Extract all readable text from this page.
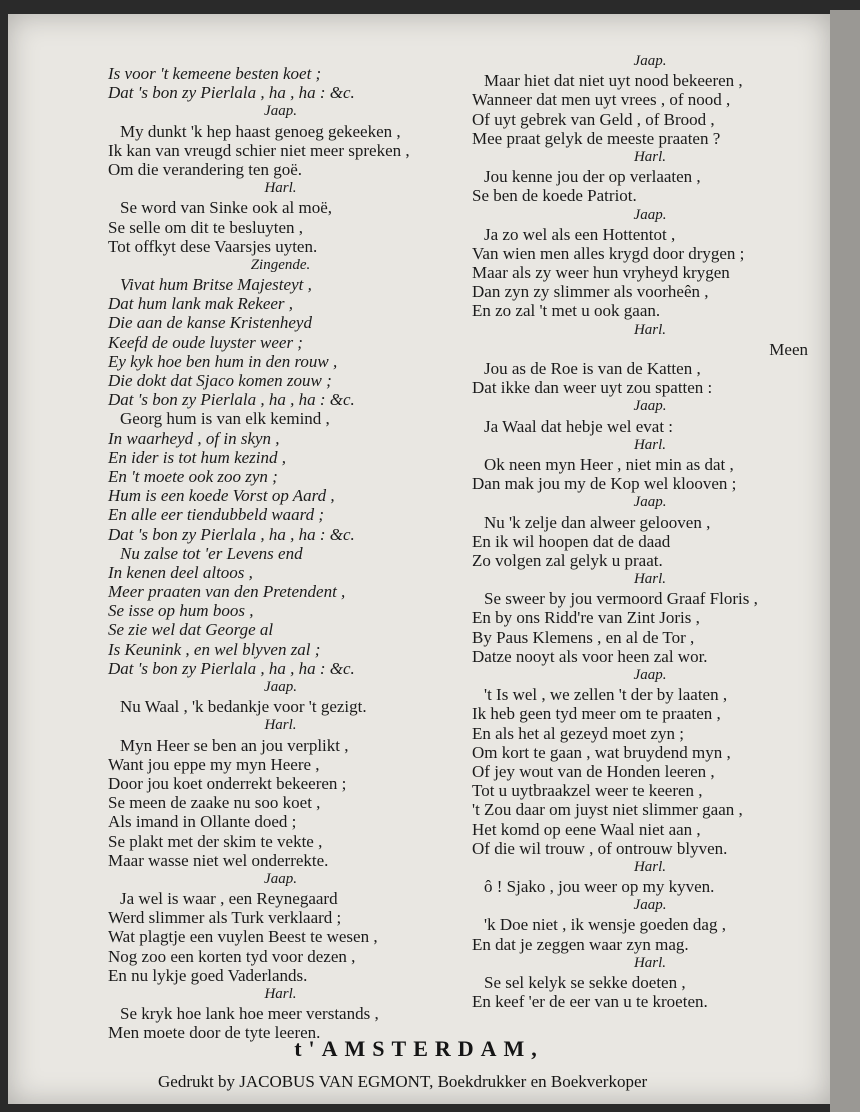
Is voor 't kemeene besten koet ;
Dat 's bon zy Pierlala , ha , ha : &c.
Jaap.
My dunkt 'k hep haast genoeg gekeeken ,
Ik kan van vreugd schier niet meer spreken ,
Om die verandering ten goë.
Harl.
Se word van Sinke ook al moë,
Se selle om dit te besluyten ,
Tot offkyt dese Vaarsjes uyten.
Zingende.
Vivat hum Britse Majesteyt ,
Dat hum lank mak Rekeer ,
Die aan de kanse Kristenheyd
Keefd de oude luyster weer ;
Ey kyk hoe ben hum in den rouw ,
Die dokt dat Sjaco komen zouw ;
Dat 's bon zy Pierlala , ha , ha : &c.
Georg hum is van elk kemind ,
In waarheyd , of in skyn ,
En ider is tot hum kezind ,
En 't moete ook zoo zyn ;
Hum is een koede Vorst op Aard ,
En alle eer tiendubbeld waard ;
Dat 's bon zy Pierlala , ha , ha : &c.
Nu zalse tot 'er Levens end
In kenen deel altoos ,
Meer praaten van den Pretendent ,
Se isse op hum boos ,
Se zie wel dat George al
Is Keunink , en wel blyven zal ;
Dat 's bon zy Pierlala , ha , ha : &c.
Jaap.
Nu Waal , 'k bedankje voor 't gezigt.
Harl.
Myn Heer se ben an jou verplikt ,
Want jou eppe my myn Heere ,
Door jou koet onderrekt bekeeren ;
Se meen de zaake nu soo koet ,
Als imand in Ollante doed ;
Se plakt met der skim te vekte ,
Maar wasse niet wel onderrekte.
Jaap.
Ja wel is waar , een Reynegaard
Werd slimmer als Turk verklaard ;
Wat plagtje een vuylen Beest te wesen ,
Nog zoo een korten tyd voor dezen ,
En nu lykje goed Vaderlands.
Harl.
Se kryk hoe lank hoe meer verstands ,
Men moete door de tyte leeren.
Jaap.
Maar hiet dat niet uyt nood bekeeren ,
Wanneer dat men uyt vrees , of nood ,
Of uyt gebrek van Geld , of Brood ,
Mee praat gelyk de meeste praaten ?
Harl.
Jou kenne jou der op verlaaten ,
Se ben de koede Patriot.
Jaap.
Ja zo wel als een Hottentot ,
Van wien men alles krygd door drygen ;
Maar als zy weer hun vryheyd krygen
Dan zyn zy slimmer als voorheên ,
En zo zal 't met u ook gaan.
Harl.
Meen
Jou as de Roe is van de Katten ,
Dat ikke dan weer uyt zou spatten :
Jaap.
Ja Waal dat hebje wel evat :
Harl.
Ok neen myn Heer , niet min as dat ,
Dan mak jou my de Kop wel klooven ;
Jaap.
Nu 'k zelje dan alweer gelooven ,
En ik wil hoopen dat de daad
Zo volgen zal gelyk u praat.
Harl.
Se sweer by jou vermoord Graaf Floris ,
En by ons Ridd're van Zint Joris ,
By Paus Klemens , en al de Tor ,
Datze nooyt als voor heen zal wor.
Jaap.
't Is wel , we zellen 't der by laaten ,
Ik heb geen tyd meer om te praaten ,
En als het al gezeyd moet zyn ;
Om kort te gaan , wat bruydend myn ,
Of jey wout van de Honden leeren ,
Tot u uytbraakzel weer te keeren ,
't Zou daar om juyst niet slimmer gaan ,
Het komd op eene Waal niet aan ,
Of die wil trouw , of ontrouw blyven.
Harl.
ô ! Sjako , jou weer op my kyven.
Jaap.
'k Doe niet , ik wensje goeden dag ,
En dat je zeggen waar zyn mag.
Harl.
Se sel kelyk se sekke doeten ,
En keef 'er de eer van u te kroeten.
t'AMSTERDAM,
Gedrukt by JACOBUS VAN EGMONT, Boekdrukker en Boekverkoper
